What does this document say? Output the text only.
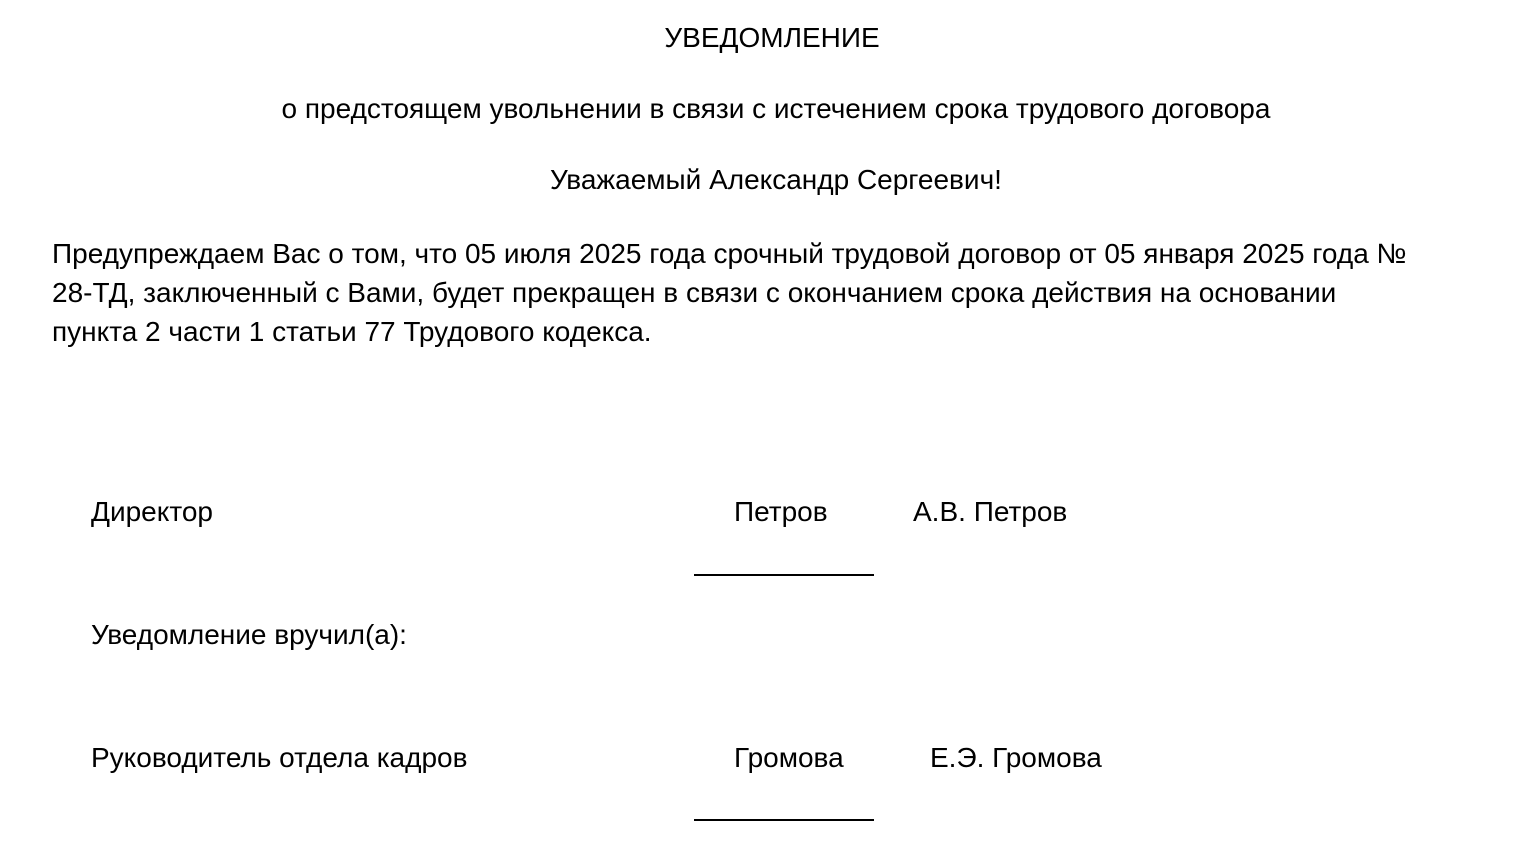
УВЕДОМЛЕНИЕ
о предстоящем увольнении в связи с истечением срока трудового договора
Уважаемый Александр Сергеевич!
Предупреждаем Вас о том, что 05 июля 2025 года срочный трудовой договор от 05 января 2025 года №
28-ТД, заключенный с Вами, будет прекращен в связи с окончанием срока действия на основании
пункта 2 части 1 статьи 77 Трудового кодекса.
Директор	Петров	А.В. Петров
Уведомление вручил(а):
Руководитель отдела кадров	Громова	Е.Э. Громова
